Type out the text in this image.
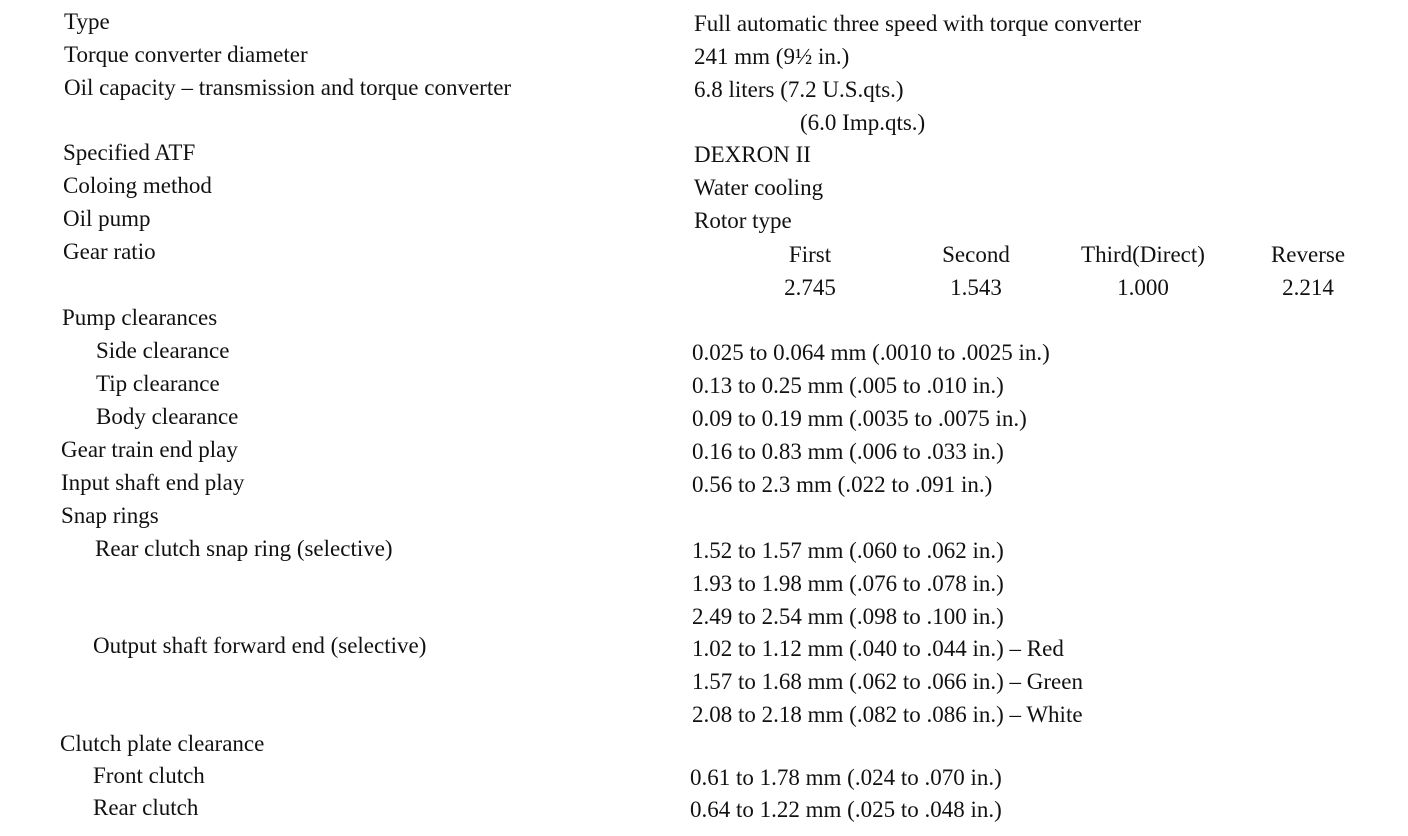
Type	Full automatic three speed with torque converter
Torque converter diameter	241 mm (9½ in.)
Oil capacity – transmission and torque converter	6.8 liters (7.2 U.S.qts.)
(6.0 Imp.qts.)
Specified ATF	DEXRON II
Coloing method	Water cooling
Oil pump	Rotor type
Gear ratio	First	Second	Third(Direct)	Reverse
2.745	1.543	1.000	2.214
Pump clearances
Side clearance	0.025 to 0.064 mm (.0010 to .0025 in.)
Tip clearance	0.13 to 0.25 mm (.005 to .010 in.)
Body clearance	0.09 to 0.19 mm (.0035 to .0075 in.)
Gear train end play	0.16 to 0.83 mm (.006 to .033 in.)
Input shaft end play	0.56 to 2.3 mm (.022 to .091 in.)
Snap rings
Rear clutch snap ring (selective)	1.52 to 1.57 mm (.060 to .062 in.)
1.93 to 1.98 mm (.076 to .078 in.)
2.49 to 2.54 mm (.098 to .100 in.)
Output shaft forward end (selective)	1.02 to 1.12 mm (.040 to .044 in.) – Red
1.57 to 1.68 mm (.062 to .066 in.) – Green
2.08 to 2.18 mm (.082 to .086 in.) – White
Clutch plate clearance
Front clutch	0.61 to 1.78 mm (.024 to .070 in.)
Rear clutch	0.64 to 1.22 mm (.025 to .048 in.)
